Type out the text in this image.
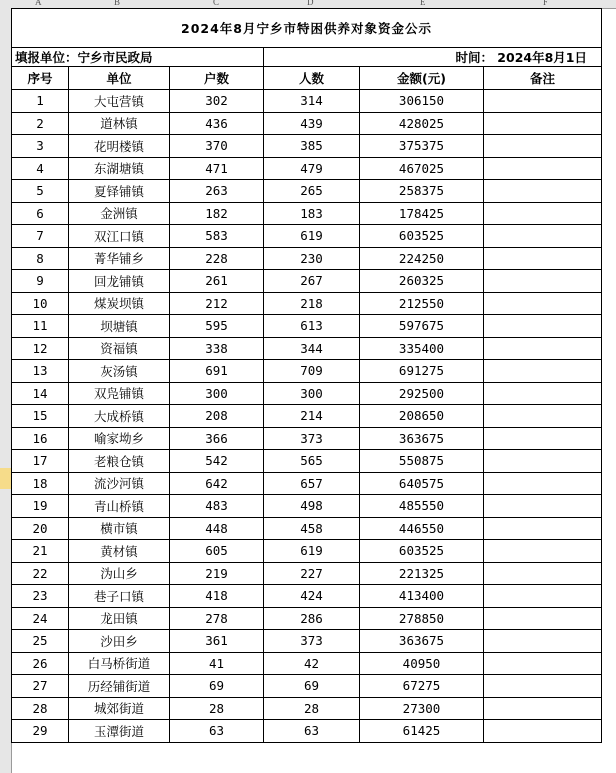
A	B	C	D	E	F
2024年8月宁乡市特困供养对象资金公示					
填报单位：宁乡市民政局			时间： 2024年8月1日		
序号	单位	户数	人数	金额(元)	备注
1	大屯营镇	302	314	306150	
2	道林镇	436	439	428025	
3	花明楼镇	370	385	375375	
4	东湖塘镇	471	479	467025	
5	夏铎铺镇	263	265	258375	
6	金洲镇	182	183	178425	
7	双江口镇	583	619	603525	
8	菁华铺乡	228	230	224250	
9	回龙铺镇	261	267	260325	
10	煤炭坝镇	212	218	212550	
11	坝塘镇	595	613	597675	
12	资福镇	338	344	335400	
13	灰汤镇	691	709	691275	
14	双凫铺镇	300	300	292500	
15	大成桥镇	208	214	208650	
16	喻家坳乡	366	373	363675	
17	老粮仓镇	542	565	550875	
18	流沙河镇	642	657	640575	
19	青山桥镇	483	498	485550	
20	横市镇	448	458	446550	
21	黄材镇	605	619	603525	
22	沩山乡	219	227	221325	
23	巷子口镇	418	424	413400	
24	龙田镇	278	286	278850	
25	沙田乡	361	373	363675	
26	白马桥街道	41	42	40950	
27	历经铺街道	69	69	67275	
28	城郊街道	28	28	27300	
29	玉潭街道	63	63	61425	
